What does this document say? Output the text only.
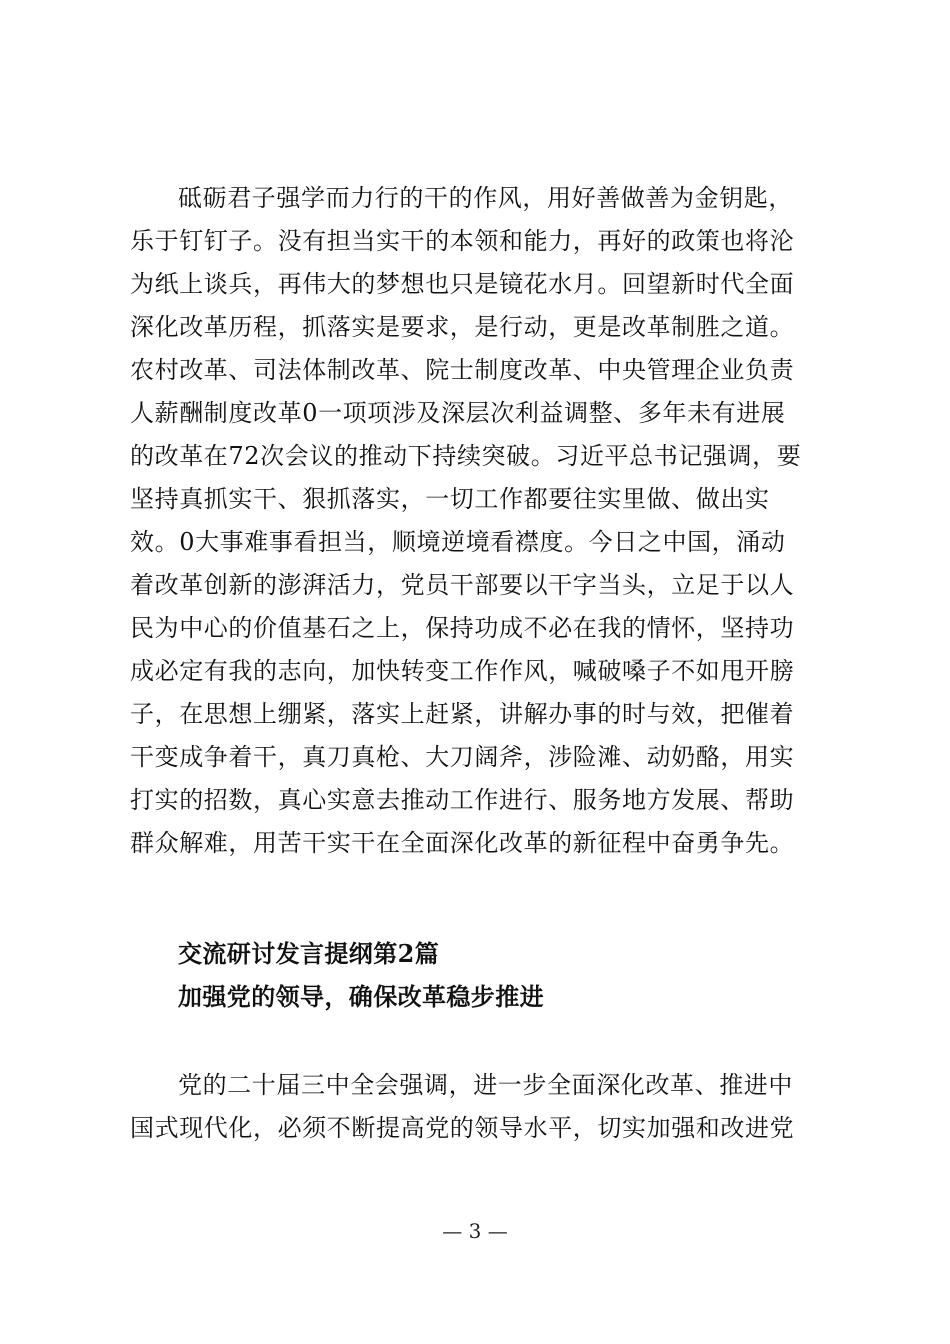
砥砺君子强学而力行的干的作风，用好善做善为金钥匙，
乐于钉钉子。没有担当实干的本领和能力，再好的政策也将沦
为纸上谈兵，再伟大的梦想也只是镜花水月。回望新时代全面
深化改革历程，抓落实是要求，是行动，更是改革制胜之道。
农村改革、司法体制改革、院士制度改革、中央管理企业负责
人薪酬制度改革0一项项涉及深层次利益调整、多年未有进展
的改革在72次会议的推动下持续突破。习近平总书记强调，要
坚持真抓实干、狠抓落实，一切工作都要往实里做、做出实
效。0大事难事看担当，顺境逆境看襟度。今日之中国，涌动
着改革创新的澎湃活力，党员干部要以干字当头，立足于以人
民为中心的价值基石之上，保持功成不必在我的情怀，坚持功
成必定有我的志向，加快转变工作作风，喊破嗓子不如甩开膀
子，在思想上绷紧，落实上赶紧，讲解办事的时与效，把催着
干变成争着干，真刀真枪、大刀阔斧，涉险滩、动奶酪，用实
打实的招数，真心实意去推动工作进行、服务地方发展、帮助
群众解难，用苦干实干在全面深化改革的新征程中奋勇争先。
交流研讨发言提纲第2篇
加强党的领导，确保改革稳步推进
党的二十届三中全会强调，进一步全面深化改革、推进中
国式现代化，必须不断提高党的领导水平，切实加强和改进党
— 3 —
